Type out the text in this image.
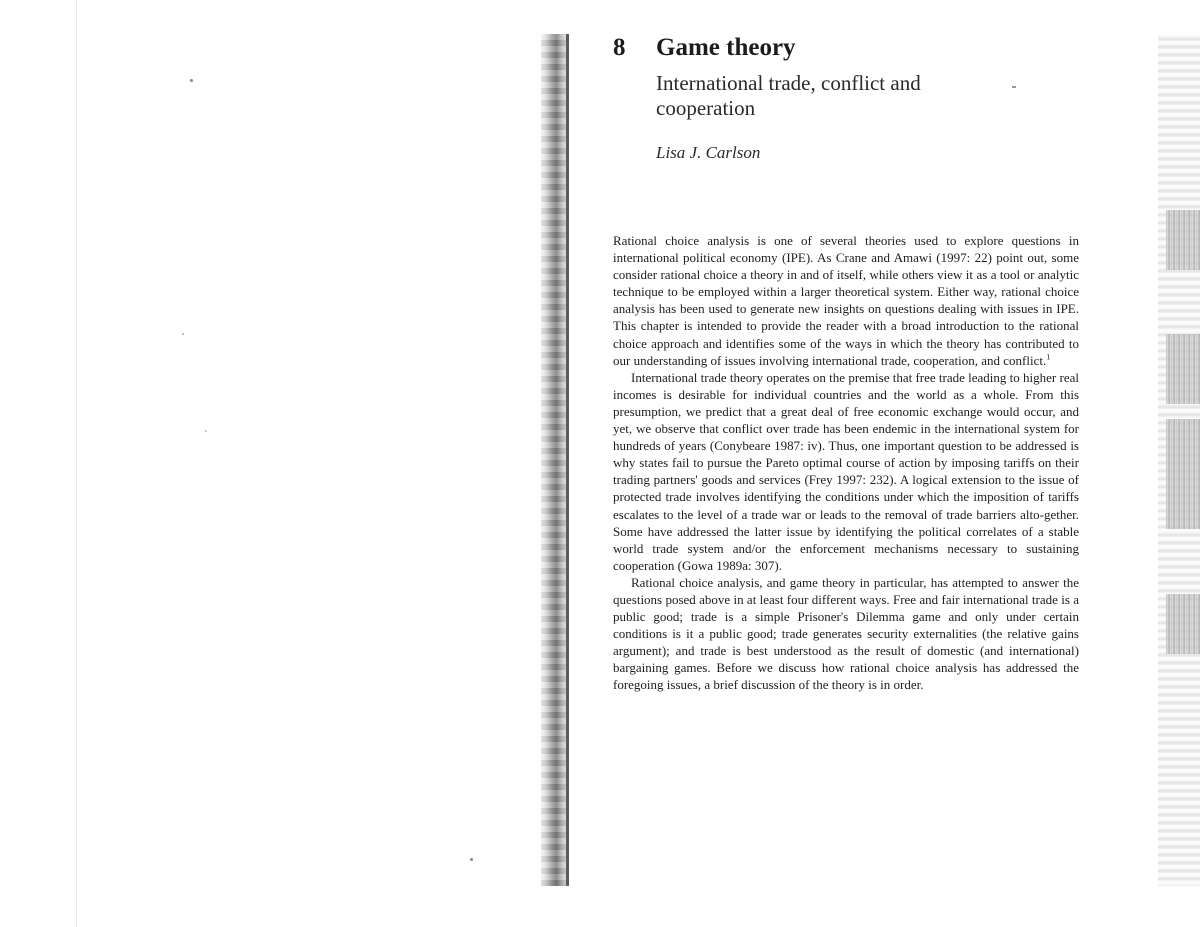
8	Game theory
International trade, conflict and cooperation
Lisa J. Carlson

Rational choice analysis is one of several theories used to explore questions in international political economy (IPE). As Crane and Amawi (1997: 22) point out, some consider rational choice a theory in and of itself, while others view it as a tool or analytic technique to be employed within a larger theoretical system. Either way, rational choice analysis has been used to generate new insights on questions dealing with issues in IPE. This chapter is intended to provide the reader with a broad introduction to the rational choice approach and identifies some of the ways in which the theory has contributed to our understanding of issues involving international trade, cooperation, and conflict.$^1$

International trade theory operates on the premise that free trade leading to higher real incomes is desirable for individual countries and the world as a whole. From this presumption, we predict that a great deal of free economic exchange would occur, and yet, we observe that conflict over trade has been endemic in the international system for hundreds of years (Conybeare 1987: iv). Thus, one important question to be addressed is why states fail to pursue the Pareto optimal course of action by imposing tariffs on their trading partners' goods and services (Frey 1997: 232). A logical extension to the issue of protected trade involves identifying the conditions under which the imposition of tariffs escalates to the level of a trade war or leads to the removal of trade barriers alto-gether. Some have addressed the latter issue by identifying the political correlates of a stable world trade system and/or the enforcement mechanisms necessary to sustaining cooperation (Gowa 1989a: 307).

Rational choice analysis, and game theory in particular, has attempted to answer the questions posed above in at least four different ways. Free and fair international trade is a public good; trade is a simple Prisoner's Dilemma game and only under certain conditions is it a public good; trade generates security externalities (the relative gains argument); and trade is best understood as the result of domestic (and international) bargaining games. Before we discuss how rational choice analysis has addressed the foregoing issues, a brief discussion of the theory is in order.
